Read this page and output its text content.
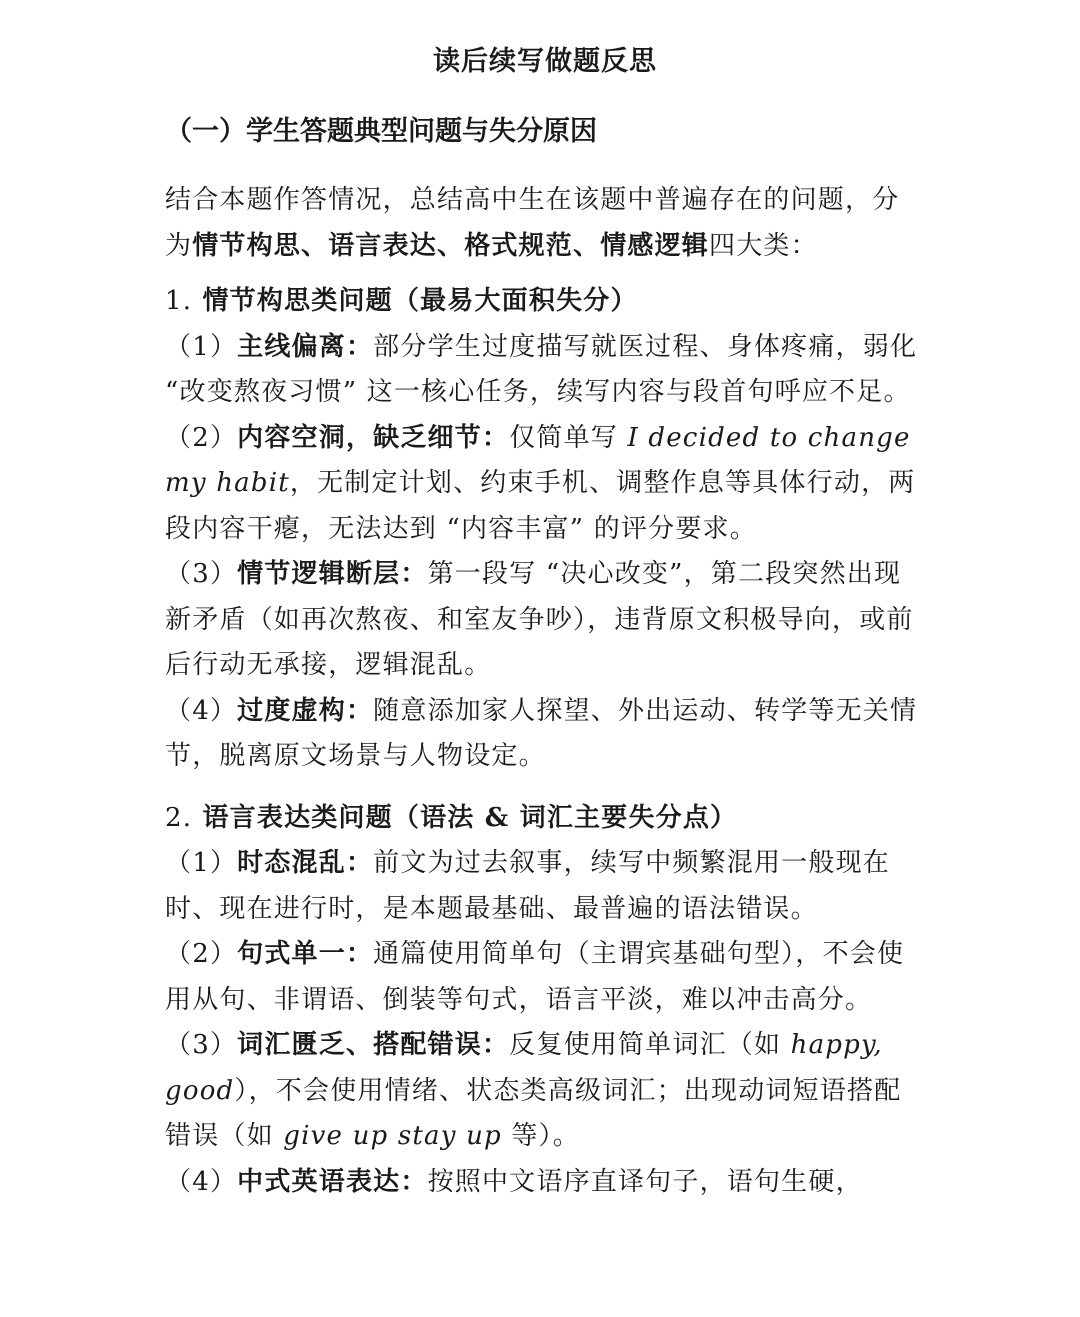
读后续写做题反思
（一）学生答题典型问题与失分原因

结合本题作答情况，总结高中生在该题中普遍存在的问题，分为情节构思、语言表达、格式规范、情感逻辑四大类：

1. 情节构思类问题（最易大面积失分）

（1）主线偏离：部分学生过度描写就医过程、身体疼痛，弱化 “改变熬夜习惯” 这一核心任务，续写内容与段首句呼应不足。

（2）内容空洞，缺乏细节：仅简单写 I decided to change my habit，无制定计划、约束手机、调整作息等具体行动，两段内容干瘪，无法达到 “内容丰富” 的评分要求。

（3）情节逻辑断层：第一段写 “决心改变”，第二段突然出现新矛盾（如再次熬夜、和室友争吵），违背原文积极导向，或前后行动无承接，逻辑混乱。

（4）过度虚构：随意添加家人探望、外出运动、转学等无关情节，脱离原文场景与人物设定。

2. 语言表达类问题（语法 & 词汇主要失分点）

（1）时态混乱：前文为过去叙事，续写中频繁混用一般现在时、现在进行时，是本题最基础、最普遍的语法错误。

（2）句式单一：通篇使用简单句（主谓宾基础句型），不会使用从句、非谓语、倒装等句式，语言平淡，难以冲击高分。

（3）词汇匮乏、搭配错误：反复使用简单词汇（如 happy, good），不会使用情绪、状态类高级词汇；出现动词短语搭配错误（如 give up stay up 等）。

（4）中式英语表达：按照中文语序直译句子，语句生硬，
